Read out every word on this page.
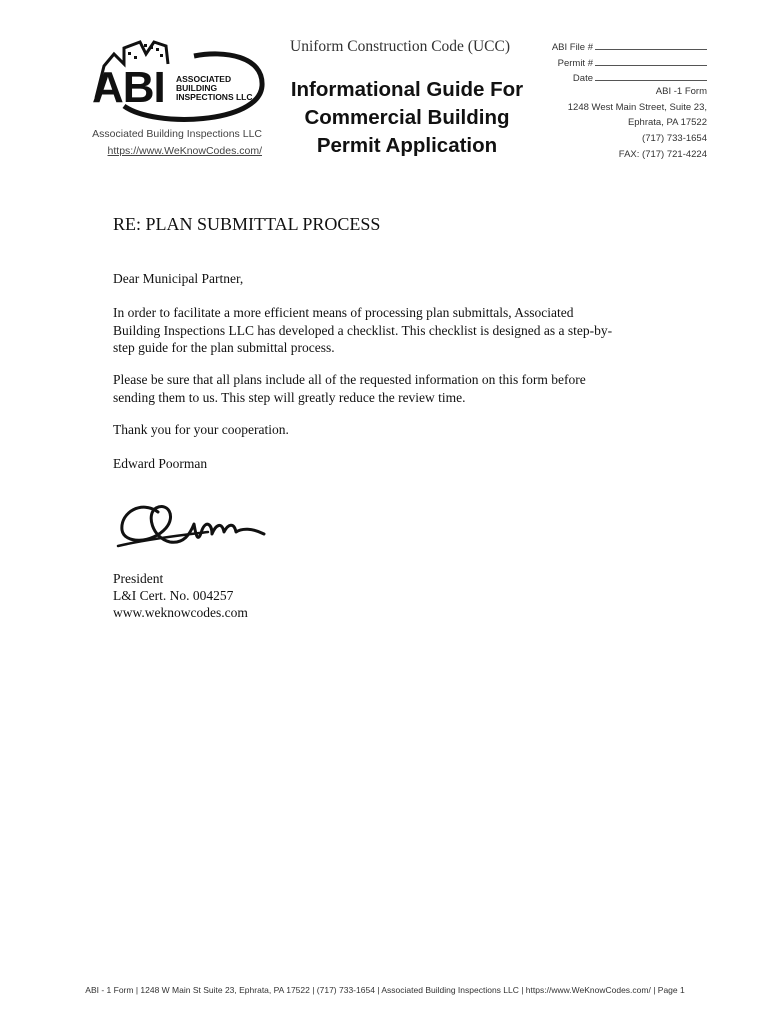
ABI ASSOCIATED
BUILDING
INSPECTIONS LLC
Associated Building Inspections LLC
https://www.WeKnowCodes.com/
Uniform Construction Code (UCC)
Informational Guide For
Commercial Building
Permit Application
ABI File #
Permit #
Date
ABI -1 Form
1248 West Main Street, Suite 23,
Ephrata, PA 17522
(717) 733-1654
FAX: (717) 721-4224
RE: PLAN SUBMITTAL PROCESS
Dear Municipal Partner,
In order to facilitate a more efficient means of processing plan submittals, Associated
Building Inspections LLC has developed a checklist. This checklist is designed as a step-by-
step guide for the plan submittal process.
Please be sure that all plans include all of the requested information on this form before
sending them to us. This step will greatly reduce the review time.
Thank you for your cooperation.
Edward Poorman
President
L&I Cert. No. 004257
www.weknowcodes.com
ABI - 1 Form | 1248 W Main St Suite 23, Ephrata, PA 17522 | (717) 733-1654 | Associated Building Inspections LLC | https://www.WeKnowCodes.com/ | Page 1
